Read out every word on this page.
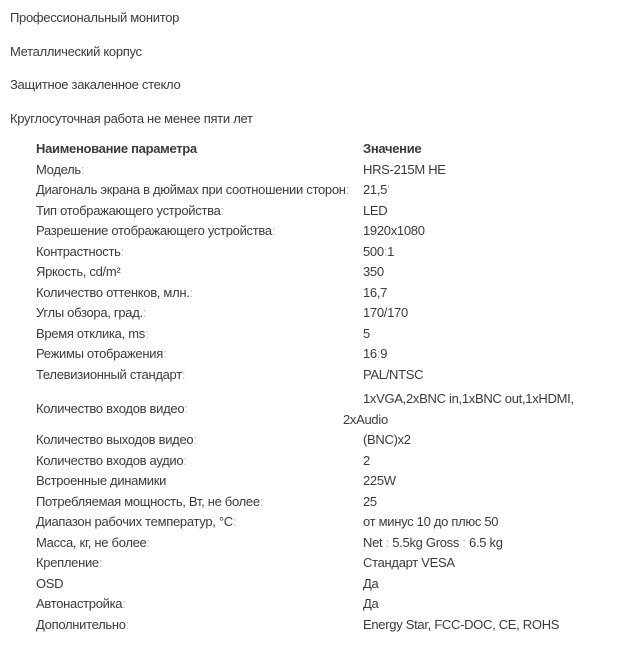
Профессиональный монитор

Металлический корпус

Защитное закаленное стекло

Круглосуточная работа не менее пяти лет

Наименование параметра	Значение
Модель:	HRS-215M HE
Диагональ экрана в дюймах при соотношении сторон:	21,5'
Тип отображающего устройства:	LED
Разрешение отображающего устройства:	1920x1080
Контрастность:	500:1
Яркость, cd/m²	350
Количество оттенков, млн.:	16,7
Углы обзора, град.:	170/170
Время отклика, ms:	5
Режимы отображения:	16:9
Телевизионный стандарт:	PAL/NTSC
Количество входов видео:
1xVGA,2xBNC in,1xBNC out,1xHDMI,
2xAudio
Количество выходов видео:	(BNC)x2
Количество входов аудио:	2
Встроенные динамики	225W
Потребляемая мощность, Вт, не более:	25
Диапазон рабочих температур, °C:	от минус 10 до плюс 50
Масса, кг, не более:	Net : 5.5kg Gross : 6.5 kg
Крепление:	Стандарт VESA
OSD	Да
Автонастройка:	Да
Дополнительно:	Energy Star, FCC-DOC, CE, ROHS
